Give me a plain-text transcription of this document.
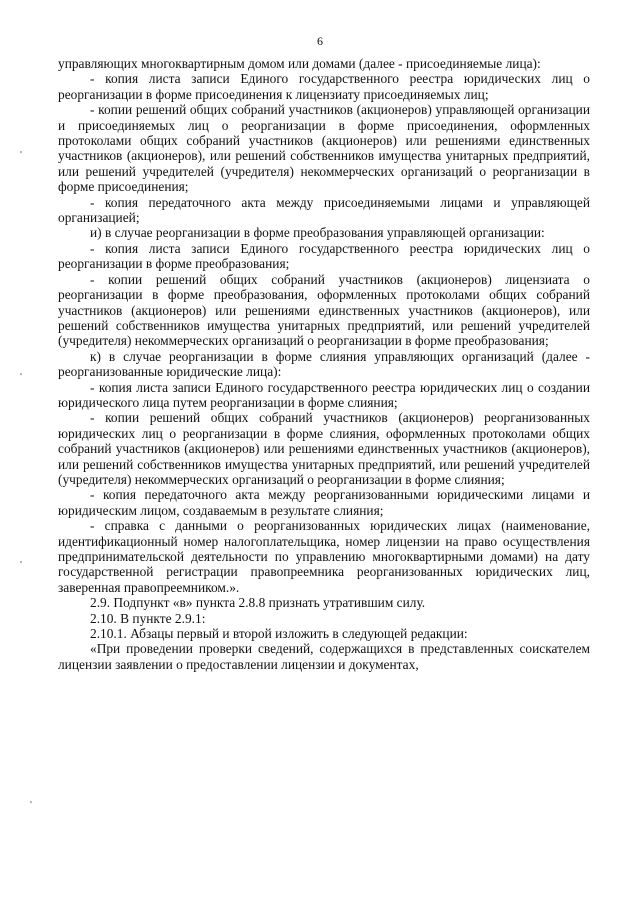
6
'
'
'
'

управляющих многоквартирным домом или домами (далее - присоединяемые лица):

- копия листа записи Единого государственного реестра юридических лиц о реорганизации в форме присоединения к лицензиату присоединяемых лиц;

- копии решений общих собраний участников (акционеров) управляющей организации и присоединяемых лиц о реорганизации в форме присоединения, оформленных протоколами общих собраний участников (акционеров) или решениями единственных участников (акционеров), или решений собственников имущества унитарных предприятий, или решений учредителей (учредителя) некоммерческих организаций о реорганизации в форме присоединения;

- копия передаточного акта между присоединяемыми лицами и управляющей организацией;

и) в случае реорганизации в форме преобразования управляющей организации:

- копия листа записи Единого государственного реестра юридических лиц о реорганизации в форме преобразования;

- копии решений общих собраний участников (акционеров) лицензиата о реорганизации в форме преобразования, оформленных протоколами общих собраний участников (акционеров) или решениями единственных участников (акционеров), или решений собственников имущества унитарных предприятий, или решений учредителей (учредителя) некоммерческих организаций о реорганизации в форме преобразования;

к) в случае реорганизации в форме слияния управляющих организаций (далее - реорганизованные юридические лица):

- копия листа записи Единого государственного реестра юридических лиц о создании юридического лица путем реорганизации в форме слияния;

- копии решений общих собраний участников (акционеров) реорганизованных юридических лиц о реорганизации в форме слияния, оформленных протоколами общих собраний участников (акционеров) или решениями единственных участников (акционеров), или решений собственников имущества унитарных предприятий, или решений учредителей (учредителя) некоммерческих организаций о реорганизации в форме слияния;

- копия передаточного акта между реорганизованными юридическими лицами и юридическим лицом, создаваемым в результате слияния;

- справка с данными о реорганизованных юридических лицах (наименование, идентификационный номер налогоплательщика, номер лицензии на право осуществления предпринимательской деятельности по управлению многоквартирными домами) на дату государственной регистрации правопреемника реорганизованных юридических лиц, заверенная правопреемником.».

2.9. Подпункт «в» пункта 2.8.8 признать утратившим силу.

2.10. В пункте 2.9.1:

2.10.1. Абзацы первый и второй изложить в следующей редакции:

«При проведении проверки сведений, содержащихся в представленных соискателем лицензии заявлении о предоставлении лицензии и документах,
